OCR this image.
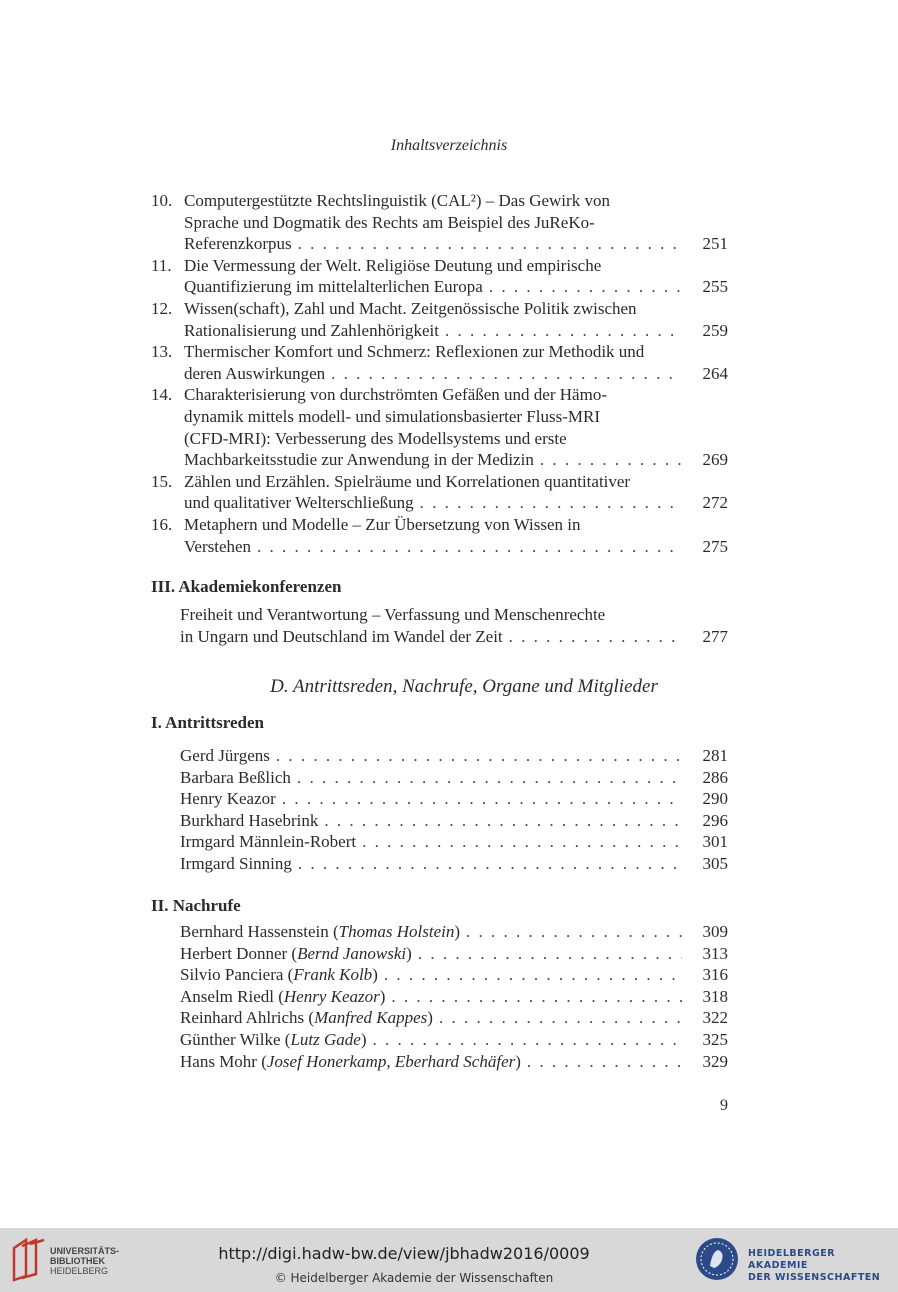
Inhaltsverzeichnis
10. Computergestützte Rechtslinguistik (CAL²) – Das Gewirk von
Sprache und Dogmatik des Rechts am Beispiel des JuReKo-
Referenzkorpus . . .	251
11. Die Vermessung der Welt. Religiöse Deutung und empirische
Quantifizierung im mittelalterlichen Europa . . .	255
12. Wissen(schaft), Zahl und Macht. Zeitgenössische Politik zwischen
Rationalisierung und Zahlenhörigkeit . . .	259
13. Thermischer Komfort und Schmerz: Reflexionen zur Methodik und
deren Auswirkungen . . .	264
14. Charakterisierung von durchströmten Gefäßen und der Hämo-
dynamik mittels modell- und simulationsbasierter Fluss-MRI
(CFD-MRI): Verbesserung des Modellsystems und erste
Machbarkeitsstudie zur Anwendung in der Medizin . . .	269
15. Zählen und Erzählen. Spielräume und Korrelationen quantitativer
und qualitativer Welterschließung . . .	272
16. Metaphern und Modelle – Zur Übersetzung von Wissen in
Verstehen . . .	275
III. Akademiekonferenzen
Freiheit und Verantwortung – Verfassung und Menschenrechte
in Ungarn und Deutschland im Wandel der Zeit . . .	277
D. Antrittsreden, Nachrufe, Organe und Mitglieder
I. Antrittsreden
Gerd Jürgens . . .	281
Barbara Beßlich . . .	286
Henry Keazor . . .	290
Burkhard Hasebrink . . .	296
Irmgard Männlein-Robert . . .	301
Irmgard Sinning . . .	305
II. Nachrufe
Bernhard Hassenstein (Thomas Holstein) . . .	309
Herbert Donner (Bernd Janowski) . . .	313
Silvio Panciera (Frank Kolb) . . .	316
Anselm Riedl (Henry Keazor) . . .	318
Reinhard Ahlrichs (Manfred Kappes) . . .	322
Günther Wilke (Lutz Gade) . . .	325
Hans Mohr (Josef Honerkamp, Eberhard Schäfer) . . .	329
9
UNIVERSITÄTS-
BIBLIOTHEK
HEIDELBERG
http://digi.hadw-bw.de/view/jbhadw2016/0009
© Heidelberger Akademie der Wissenschaften
HEIDELBERGER AKADEMIE
DER WISSENSCHAFTEN
